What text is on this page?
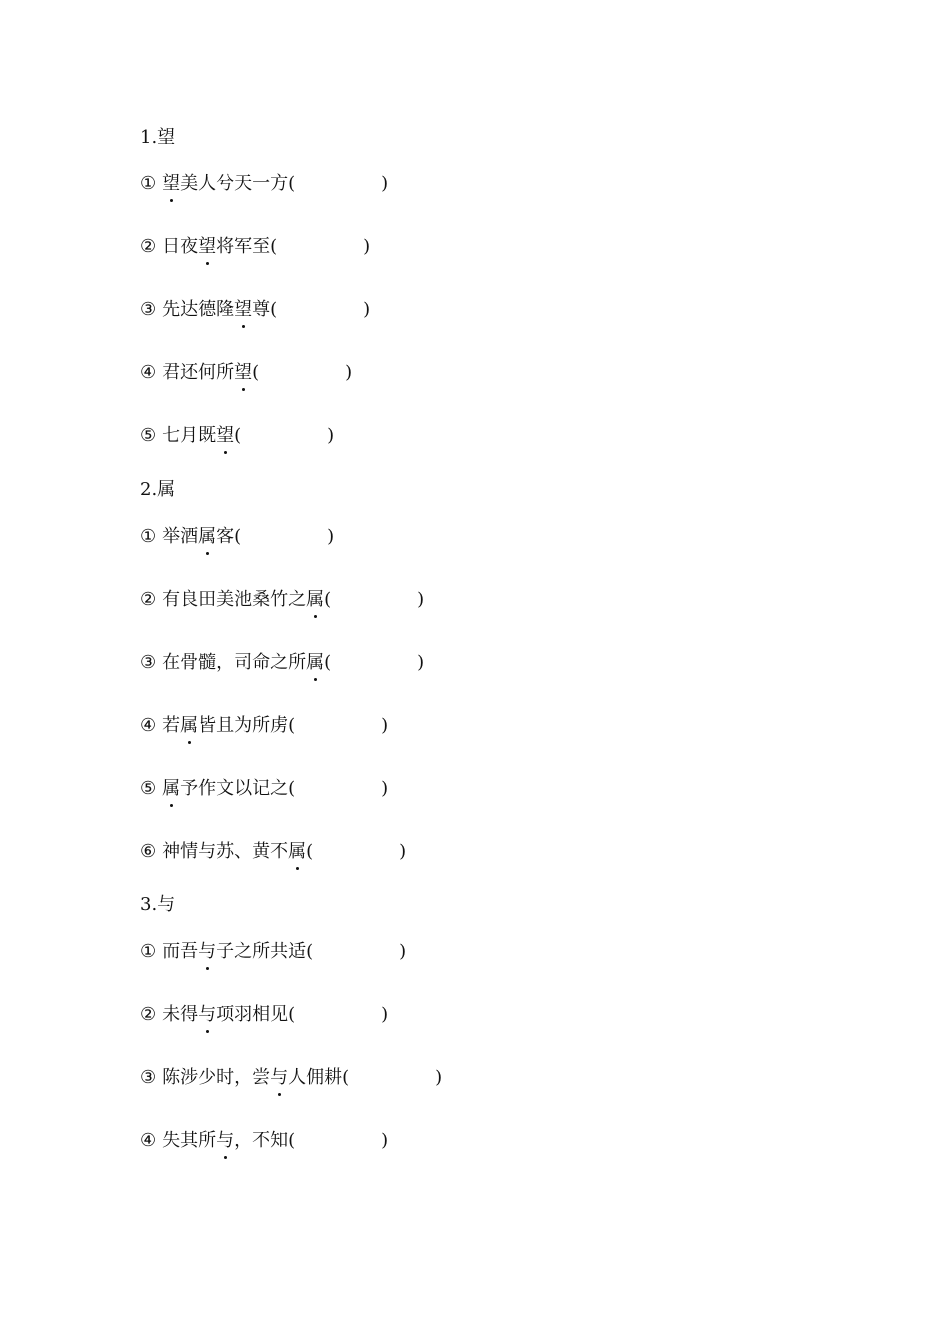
1.望
① 望美人兮天一方(	)
② 日夜望将军至(	)
③ 先达德隆望尊(	)
④ 君还何所望(	)
⑤ 七月既望(	)
2.属
① 举酒属客(	)
② 有良田美池桑竹之属(	)
③ 在骨髓，司命之所属(	)
④ 若属皆且为所虏(	)
⑤ 属予作文以记之(	)
⑥ 神情与苏、黄不属(	)
3.与
① 而吾与子之所共适(	)
② 未得与项羽相见(	)
③ 陈涉少时，尝与人佣耕(	)
④ 失其所与，不知(	)
